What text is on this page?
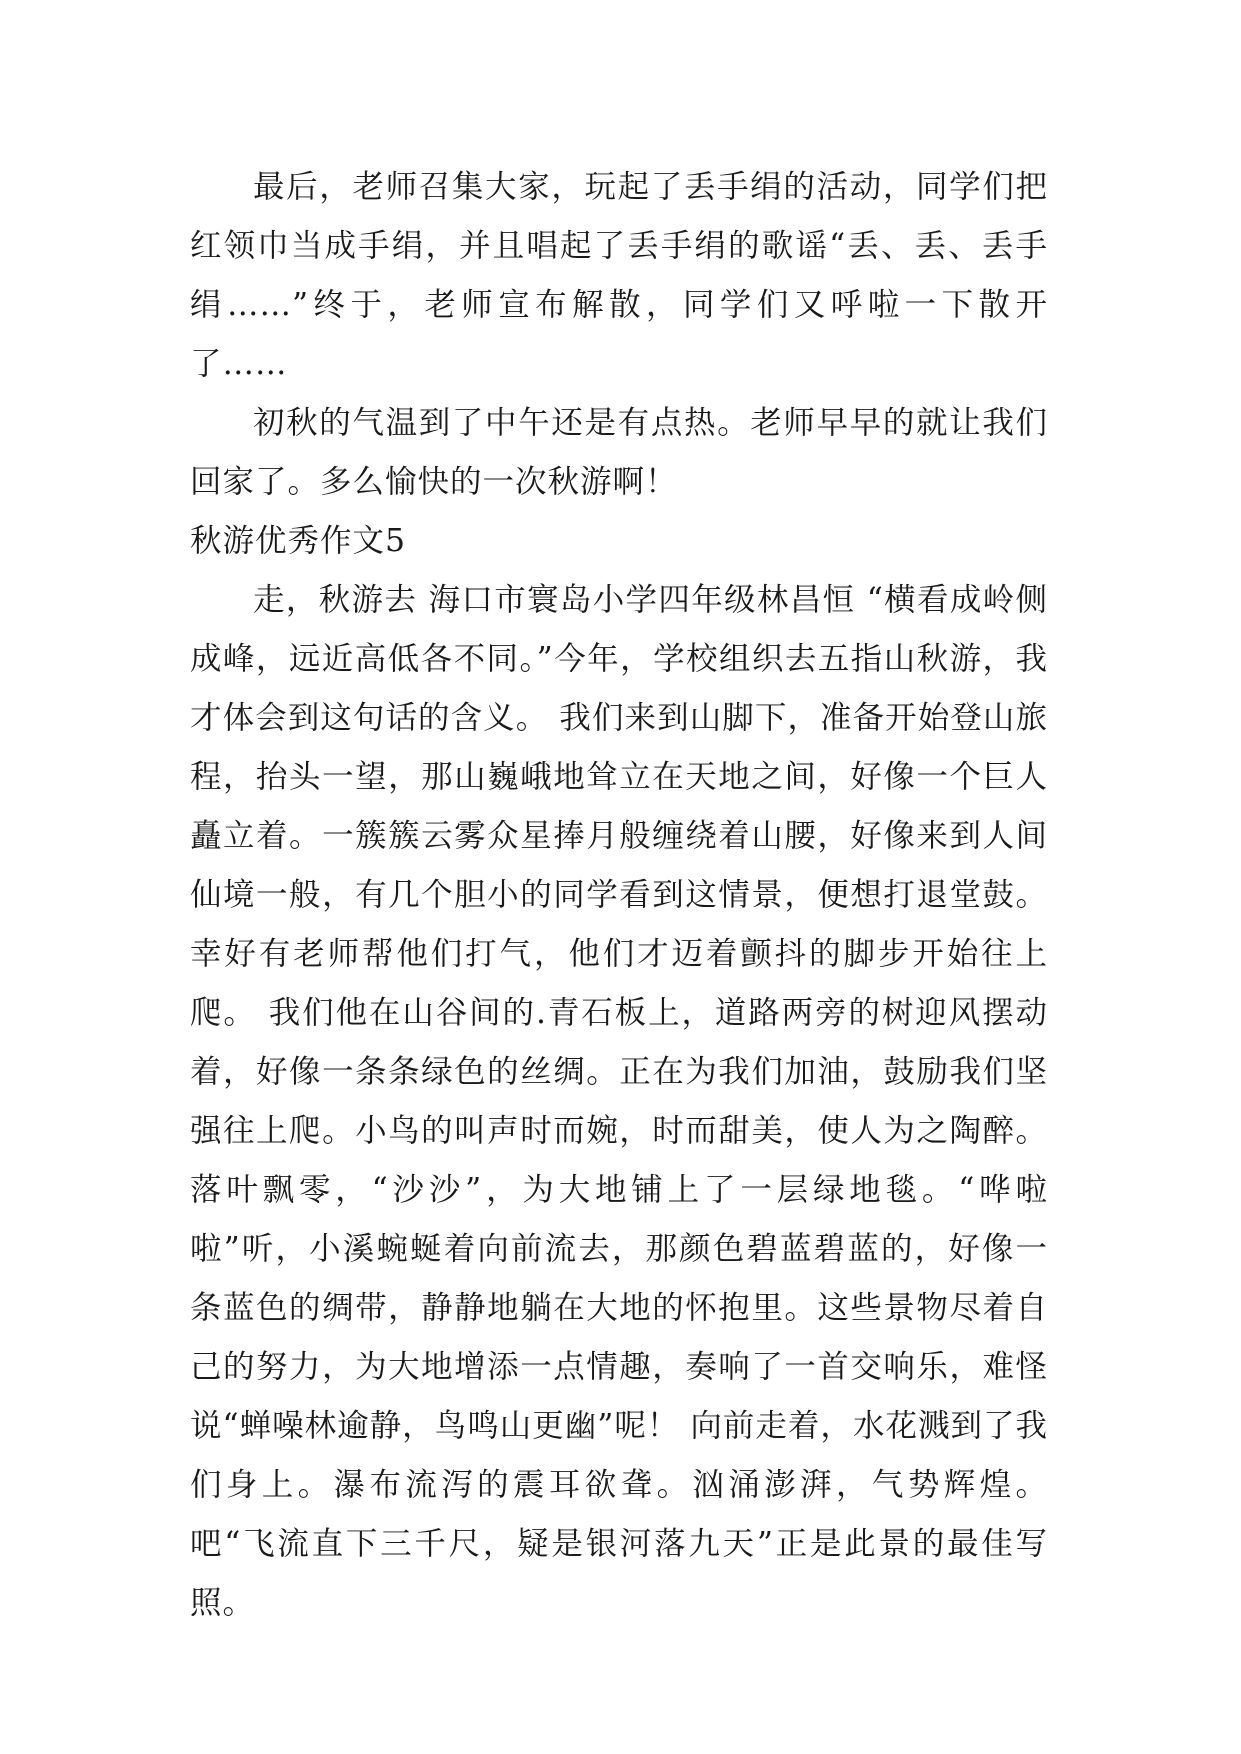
最后，老师召集大家，玩起了丢手绢的活动，同学们把红领巾当成手绢，并且唱起了丢手绢的歌谣“丢、丢、丢手绢……”终于，老师宣布解散，同学们又呼啦一下散开了……

初秋的气温到了中午还是有点热。老师早早的就让我们回家了。多么愉快的一次秋游啊！

秋游优秀作文5

走，秋游去 海口市寰岛小学四年级林昌恒 “横看成岭侧成峰，远近高低各不同。”今年，学校组织去五指山秋游，我才体会到这句话的含义。 我们来到山脚下，准备开始登山旅程，抬头一望，那山巍峨地耸立在天地之间，好像一个巨人矗立着。一簇簇云雾众星捧月般缠绕着山腰，好像来到人间仙境一般，有几个胆小的同学看到这情景，便想打退堂鼓。幸好有老师帮他们打气，他们才迈着颤抖的脚步开始往上爬。 我们他在山谷间的.青石板上，道路两旁的树迎风摆动着，好像一条条绿色的丝绸。正在为我们加油，鼓励我们坚强往上爬。小鸟的叫声时而婉，时而甜美，使人为之陶醉。落叶飘零，“沙沙”，为大地铺上了一层绿地毯。“哗啦啦”听，小溪蜿蜒着向前流去，那颜色碧蓝碧蓝的，好像一条蓝色的绸带，静静地躺在大地的怀抱里。这些景物尽着自己的努力，为大地增添一点情趣，奏响了一首交响乐，难怪说“蝉噪林逾静，鸟鸣山更幽”呢！ 向前走着，水花溅到了我们身上。瀑布流泻的震耳欲聋。汹涌澎湃，气势辉煌。吧“飞流直下三千尺，疑是银河落九天”正是此景的最佳写照。
